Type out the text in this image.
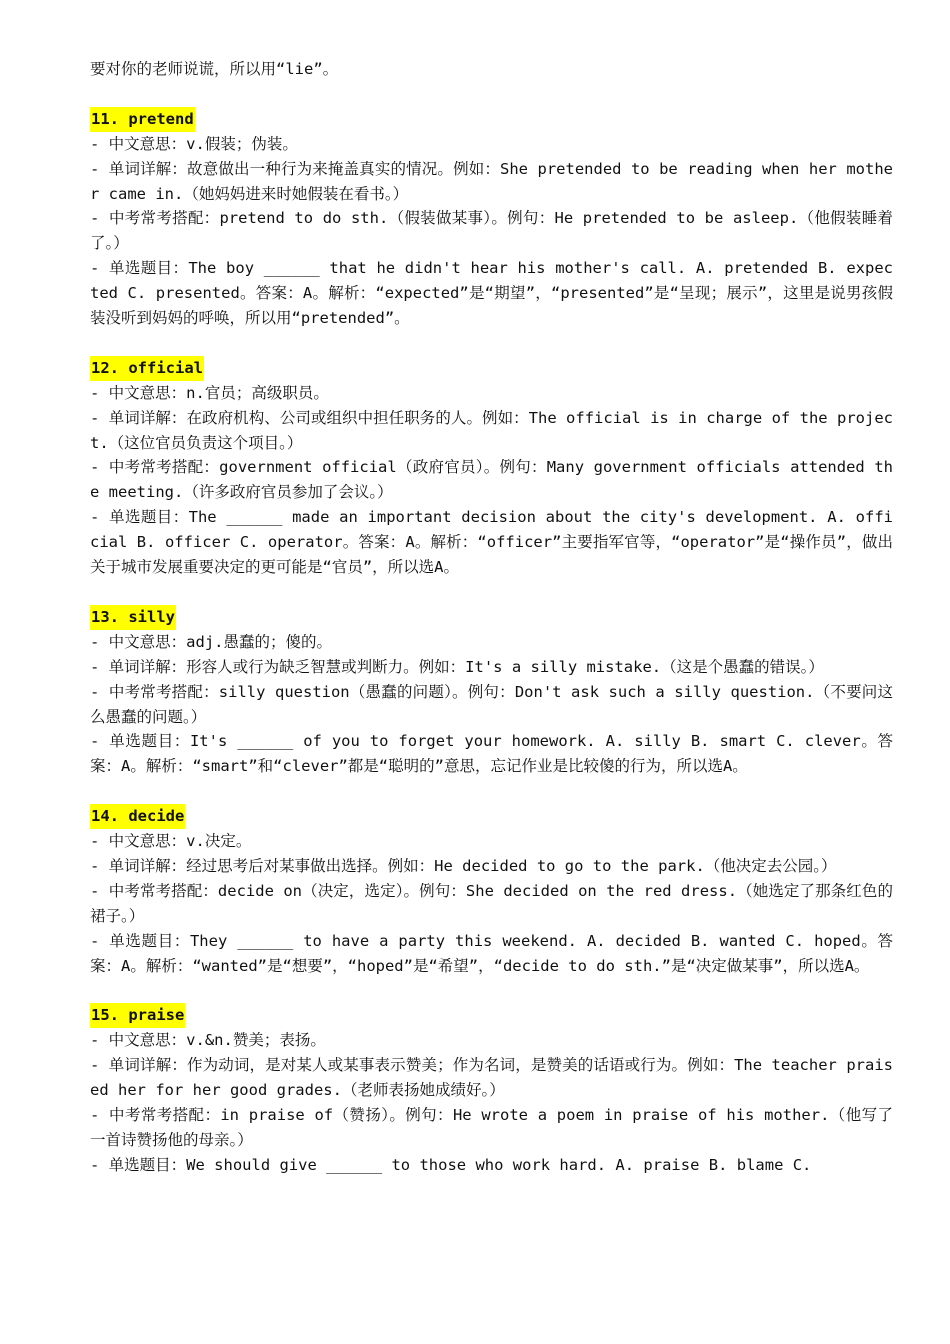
要对你的老师说谎，所以用“lie”。
11. pretend
- 中文意思：v.假装；伪装。
- 单词详解：故意做出一种行为来掩盖真实的情况。例如：She pretended to be reading when her mother came in.（她妈妈进来时她假装在看书。）
- 中考常考搭配：pretend to do sth.（假装做某事）。例句：He pretended to be asleep.（他假装睡着了。）
- 单选题目：The boy ______ that he didn't hear his mother's call. A. pretended B. expected C. presented。答案：A。解析：“expected”是“期望”，“presented”是“呈现；展示”，这里是说男孩假装没听到妈妈的呼唤，所以用“pretended”。
12. official
- 中文意思：n.官员；高级职员。
- 单词详解：在政府机构、公司或组织中担任职务的人。例如：The official is in charge of the project.（这位官员负责这个项目。）
- 中考常考搭配：government official（政府官员）。例句：Many government officials attended the meeting.（许多政府官员参加了会议。）
- 单选题目：The ______ made an important decision about the city's development. A. official B. officer C. operator。答案：A。解析：“officer”主要指军官等，“operator”是“操作员”，做出关于城市发展重要决定的更可能是“官员”，所以选A。
13. silly
- 中文意思：adj.愚蠢的；傻的。
- 单词详解：形容人或行为缺乏智慧或判断力。例如：It's a silly mistake.（这是个愚蠢的错误。）
- 中考常考搭配：silly question（愚蠢的问题）。例句：Don't ask such a silly question.（不要问这么愚蠢的问题。）
- 单选题目：It's ______ of you to forget your homework. A. silly B. smart C. clever。答案：A。解析：“smart”和“clever”都是“聪明的”意思，忘记作业是比较傻的行为，所以选A。
14. decide
- 中文意思：v.决定。
- 单词详解：经过思考后对某事做出选择。例如：He decided to go to the park.（他决定去公园。）
- 中考常考搭配：decide on（决定，选定）。例句：She decided on the red dress.（她选定了那条红色的裙子。）
- 单选题目：They ______ to have a party this weekend. A. decided B. wanted C. hoped。答案：A。解析：“wanted”是“想要”，“hoped”是“希望”，“decide to do sth.”是“决定做某事”，所以选A。
15. praise
- 中文意思：v.&n.赞美；表扬。
- 单词详解：作为动词，是对某人或某事表示赞美；作为名词，是赞美的话语或行为。例如：The teacher praised her for her good grades.（老师表扬她成绩好。）
- 中考常考搭配：in praise of（赞扬）。例句：He wrote a poem in praise of his mother.（他写了一首诗赞扬他的母亲。）
- 单选题目：We should give ______ to those who work hard. A. praise B. blame C.
